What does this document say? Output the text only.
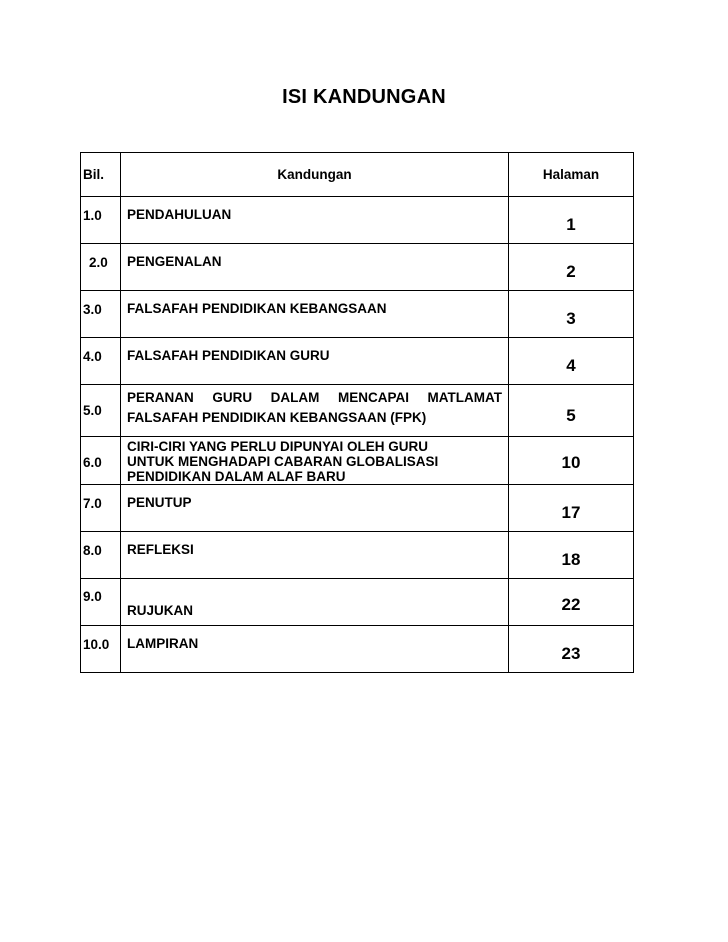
ISI KANDUNGAN
Bil.	Kandungan	Halaman
1.0	PENDAHULUAN	1
2.0	PENGENALAN	2
3.0	FALSAFAH PENDIDIKAN KEBANGSAAN	3
4.0	FALSAFAH PENDIDIKAN GURU	4
5.0	PERANAN GURU DALAM MENCAPAI MATLAMAT
FALSAFAH PENDIDIKAN KEBANGSAAN (FPK)	5
6.0	CIRI-CIRI YANG PERLU DIPUNYAI OLEH GURU
UNTUK MENGHADAPI CABARAN GLOBALISASI
PENDIDIKAN DALAM ALAF BARU	10
7.0	PENUTUP	17
8.0	REFLEKSI	18
9.0	RUJUKAN	22
10.0	LAMPIRAN	23
